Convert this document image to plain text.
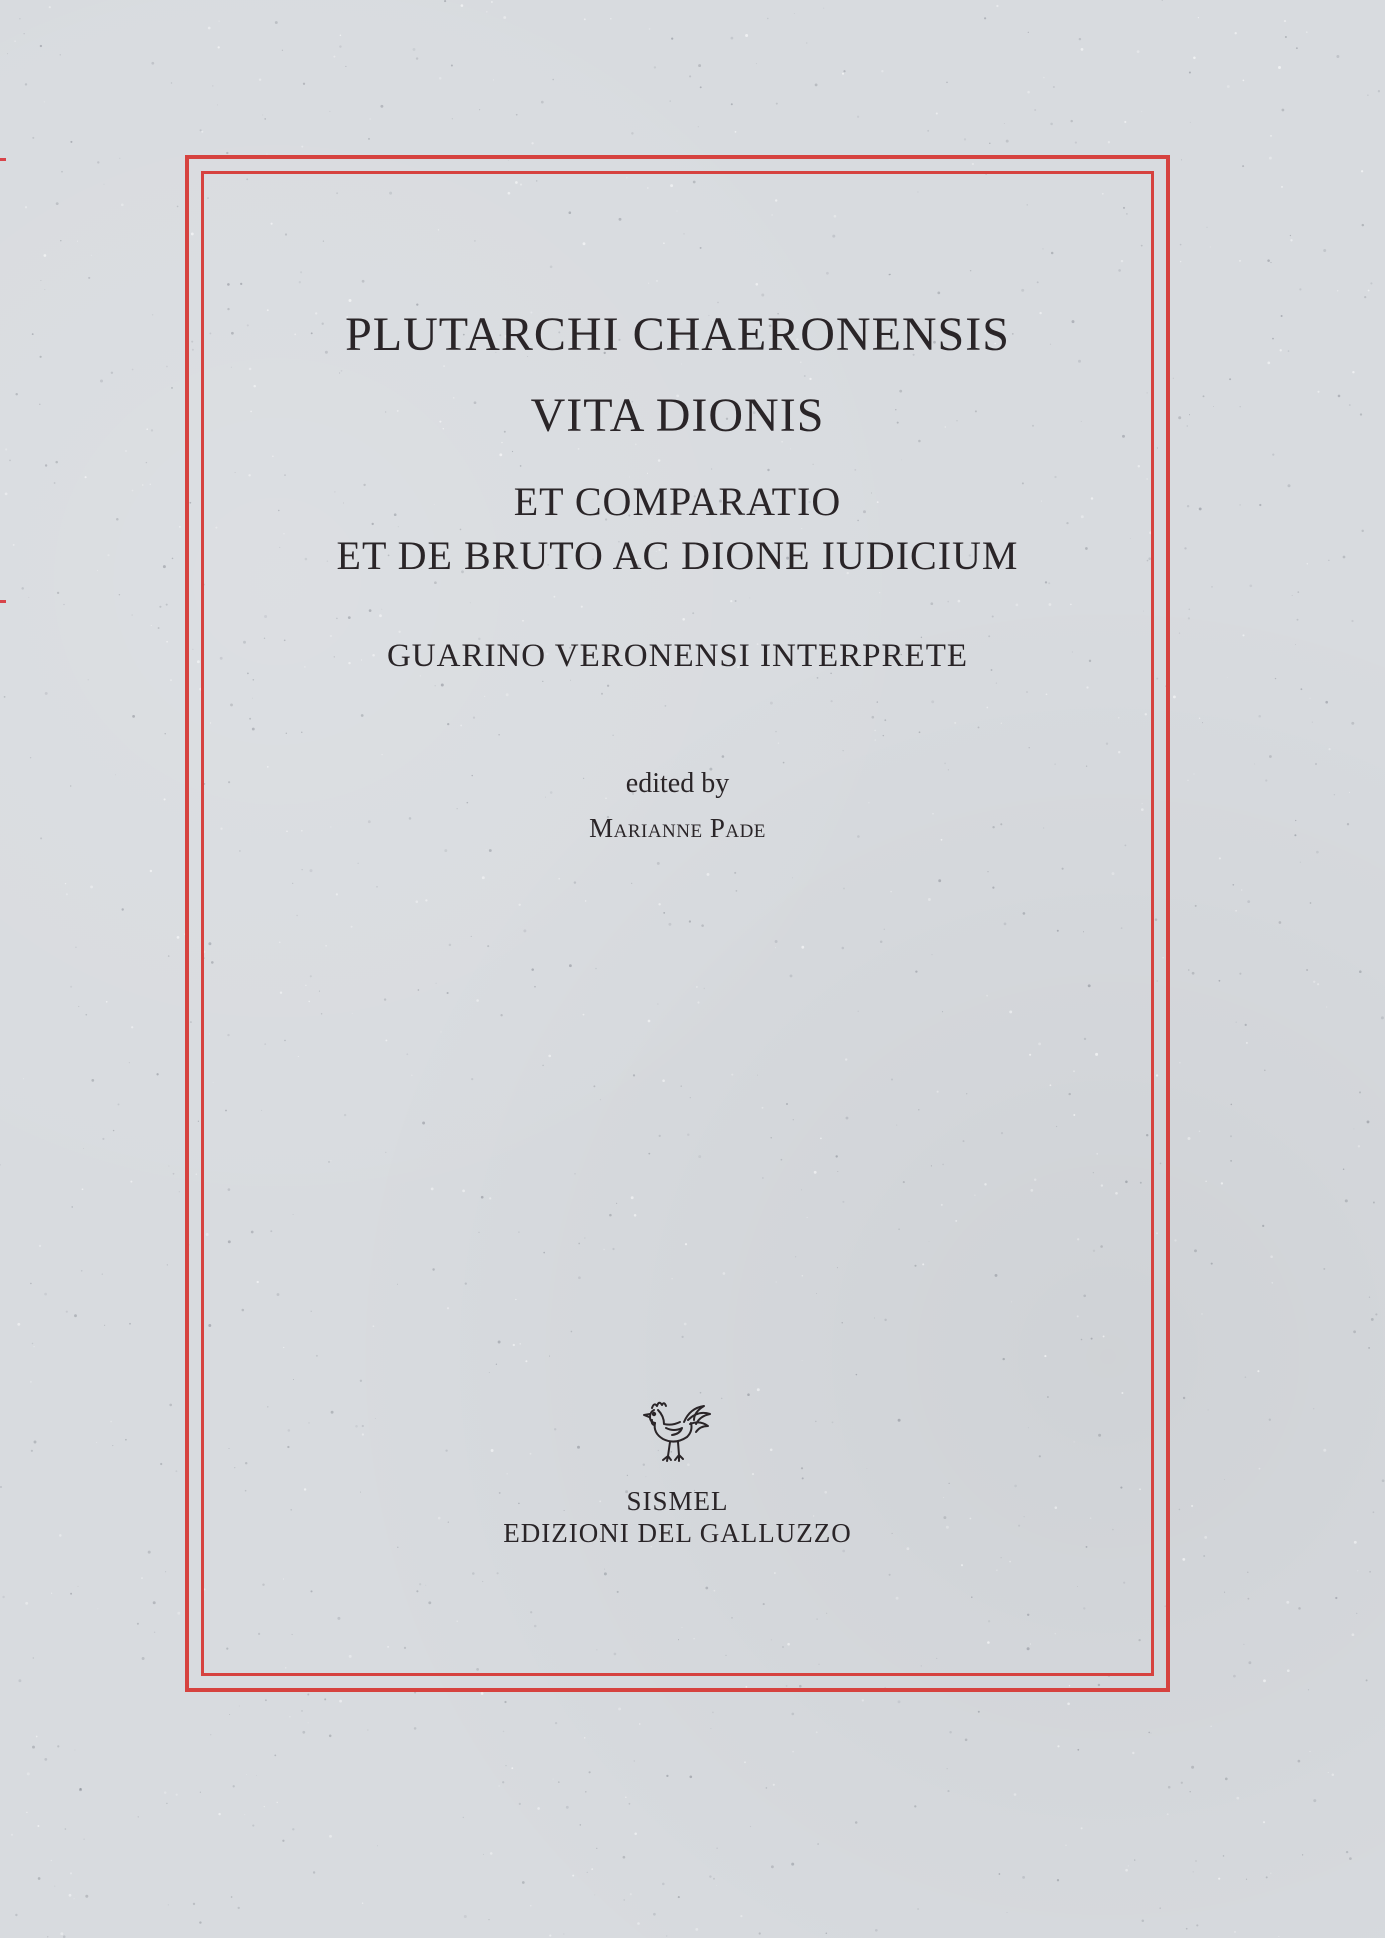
PLUTARCHI CHAERONENSIS
VITA DIONIS
ET COMPARATIO
ET DE BRUTO AC DIONE IUDICIUM
GUARINO VERONENSI INTERPRETE
edited by
Marianne Pade
SISMEL
EDIZIONI DEL GALLUZZO
